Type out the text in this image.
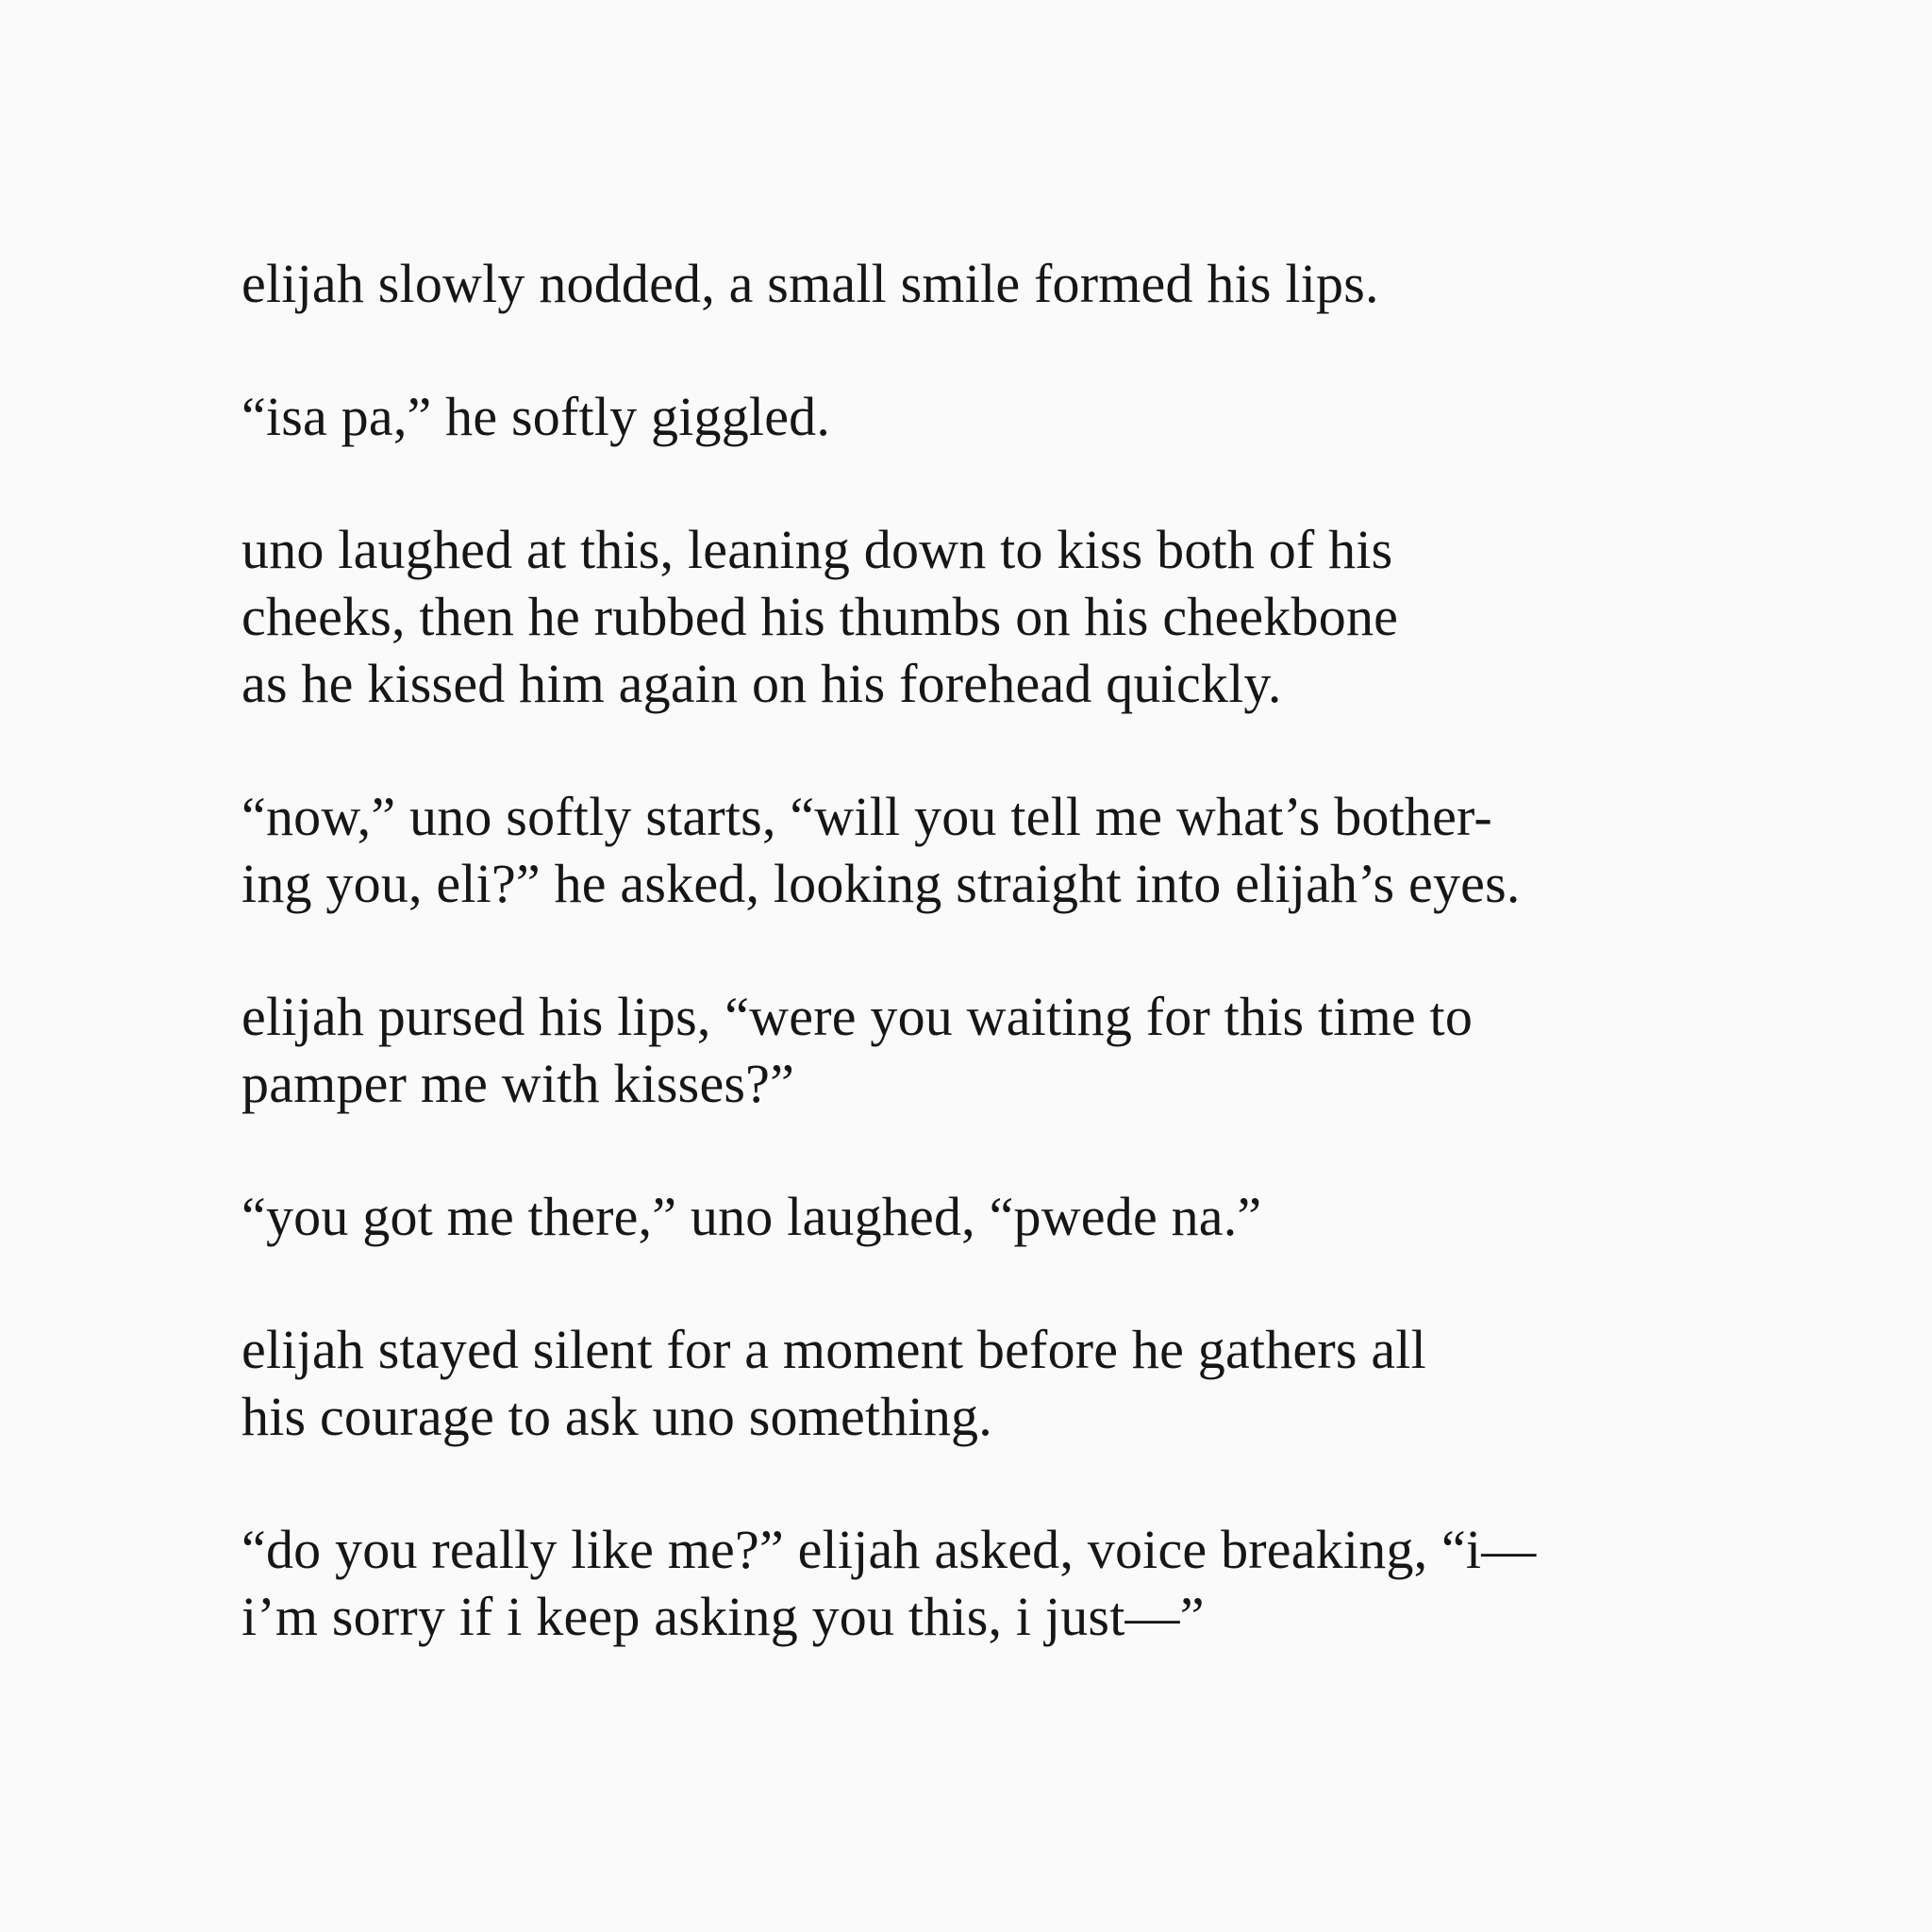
elijah slowly nodded, a small smile formed his lips.

“isa pa,” he softly giggled.

uno laughed at this, leaning down to kiss both of his
cheeks, then he rubbed his thumbs on his cheekbone
as he kissed him again on his forehead quickly.

“now,” uno softly starts, “will you tell me what’s bother-
ing you, eli?” he asked, looking straight into elijah’s eyes.

elijah pursed his lips, “were you waiting for this time to
pamper me with kisses?”

“you got me there,” uno laughed, “pwede na.”

elijah stayed silent for a moment before he gathers all
his courage to ask uno something.

“do you really like me?” elijah asked, voice breaking, “i—
i’m sorry if i keep asking you this, i just—”
